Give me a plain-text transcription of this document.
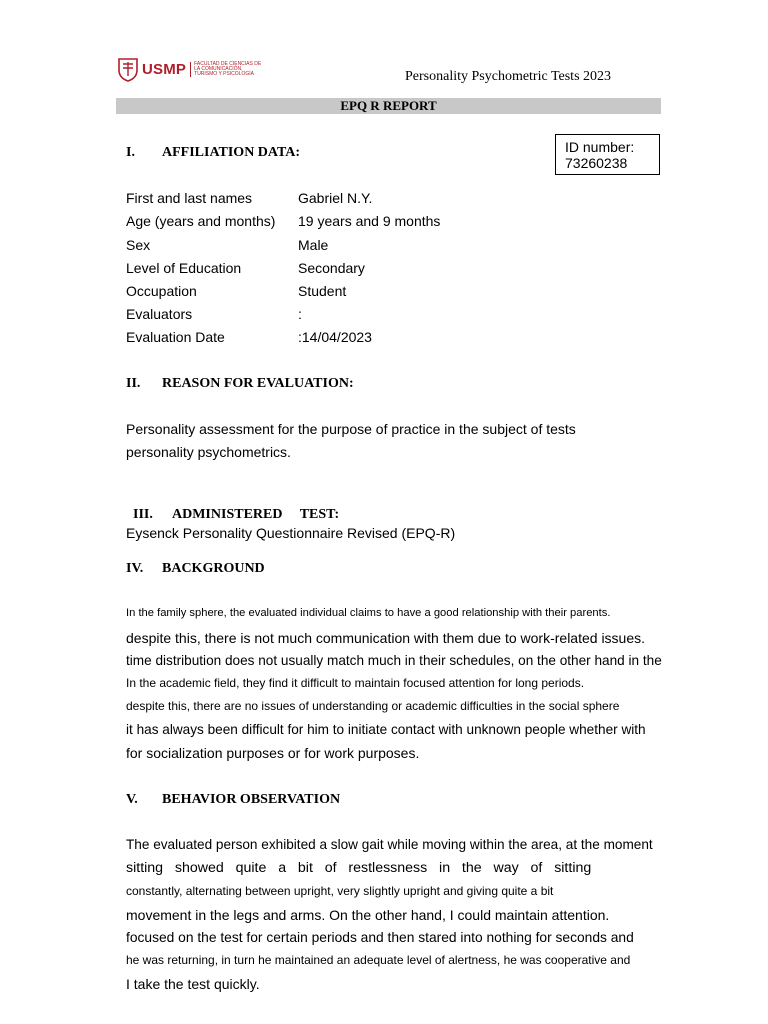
USMP	FACULTAD DE CIENCIAS DE LA COMUNICACIÓN, TURISMO Y PSICOLOGÍA	Personality Psychometric Tests 2023
EPQ R REPORT
ID number:
73260238
I. AFFILIATION DATA:
First and last names	Gabriel N.Y.
Age (years and months) 19 years and 9 months
Sex	Male
Level of Education	Secondary
Occupation	Student
Evaluators	:
Evaluation Date	:14/04/2023
II. REASON FOR EVALUATION:
Personality assessment for the purpose of practice in the subject of tests
personality psychometrics.

III. ADMINISTERED     TEST:

Eysenck Personality Questionnaire Revised (EPQ-R)
IV. BACKGROUND
In the family sphere, the evaluated individual claims to have a good relationship with their parents.
despite this, there is not much communication with them due to work-related issues.
time distribution does not usually match much in their schedules, on the other hand in the
In the academic field, they find it difficult to maintain focused attention for long periods.
despite this, there are no issues of understanding or academic difficulties in the social sphere
it has always been difficult for him to initiate contact with unknown people whether with
for socialization purposes or for work purposes.
V. BEHAVIOR OBSERVATION
The evaluated person exhibited a slow gait while moving within the area, at the moment
sitting   showed   quite   a   bit   of   restlessness   in   the   way   of   sitting
constantly, alternating between upright, very slightly upright and giving quite a bit
movement in the legs and arms. On the other hand, I could maintain attention.
focused on the test for certain periods and then stared into nothing for seconds and
he was returning, in turn he maintained an adequate level of alertness, he was cooperative and
I take the test quickly.
